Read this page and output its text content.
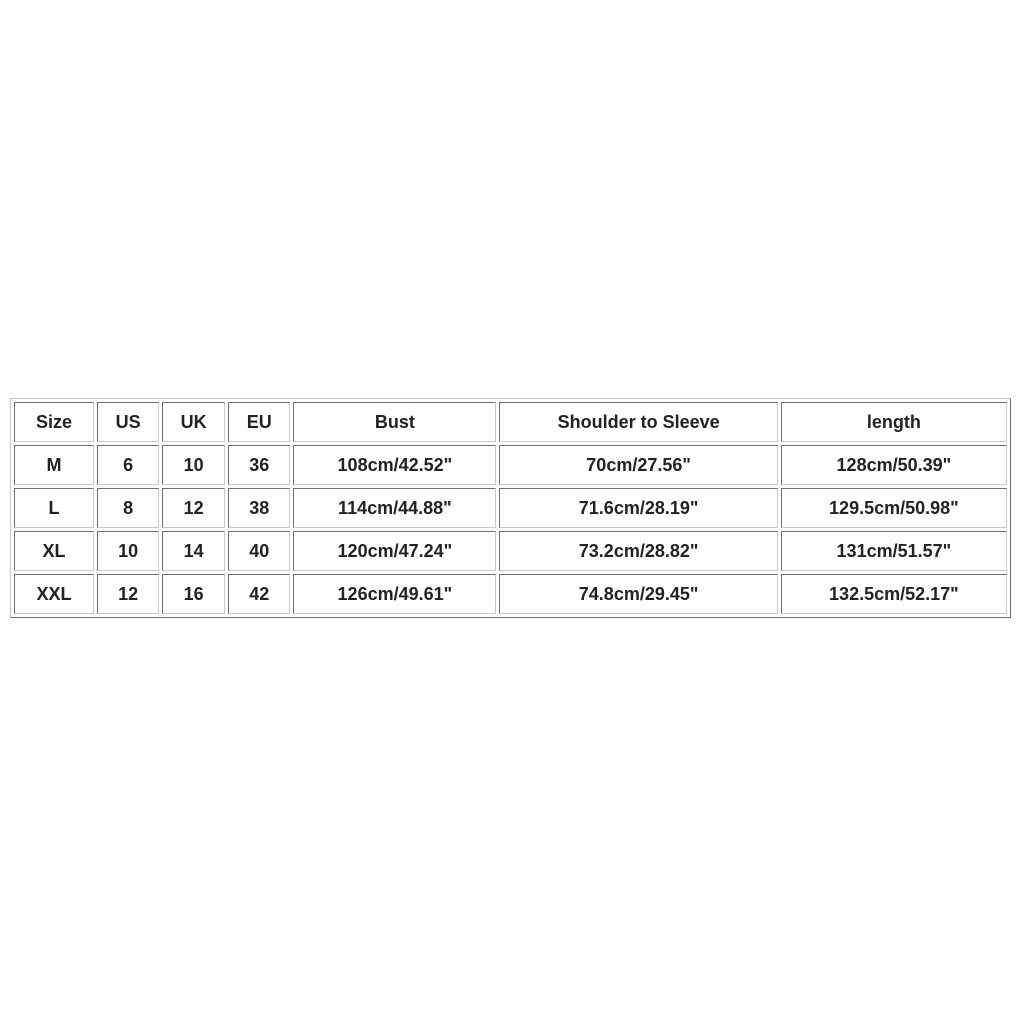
Size	US	UK	EU	Bust	Shoulder to Sleeve	length
M	6	10	36	108cm/42.52"	70cm/27.56"	128cm/50.39"
L	8	12	38	114cm/44.88"	71.6cm/28.19"	129.5cm/50.98"
XL	10	14	40	120cm/47.24"	73.2cm/28.82"	131cm/51.57"
XXL	12	16	42	126cm/49.61"	74.8cm/29.45"	132.5cm/52.17"
